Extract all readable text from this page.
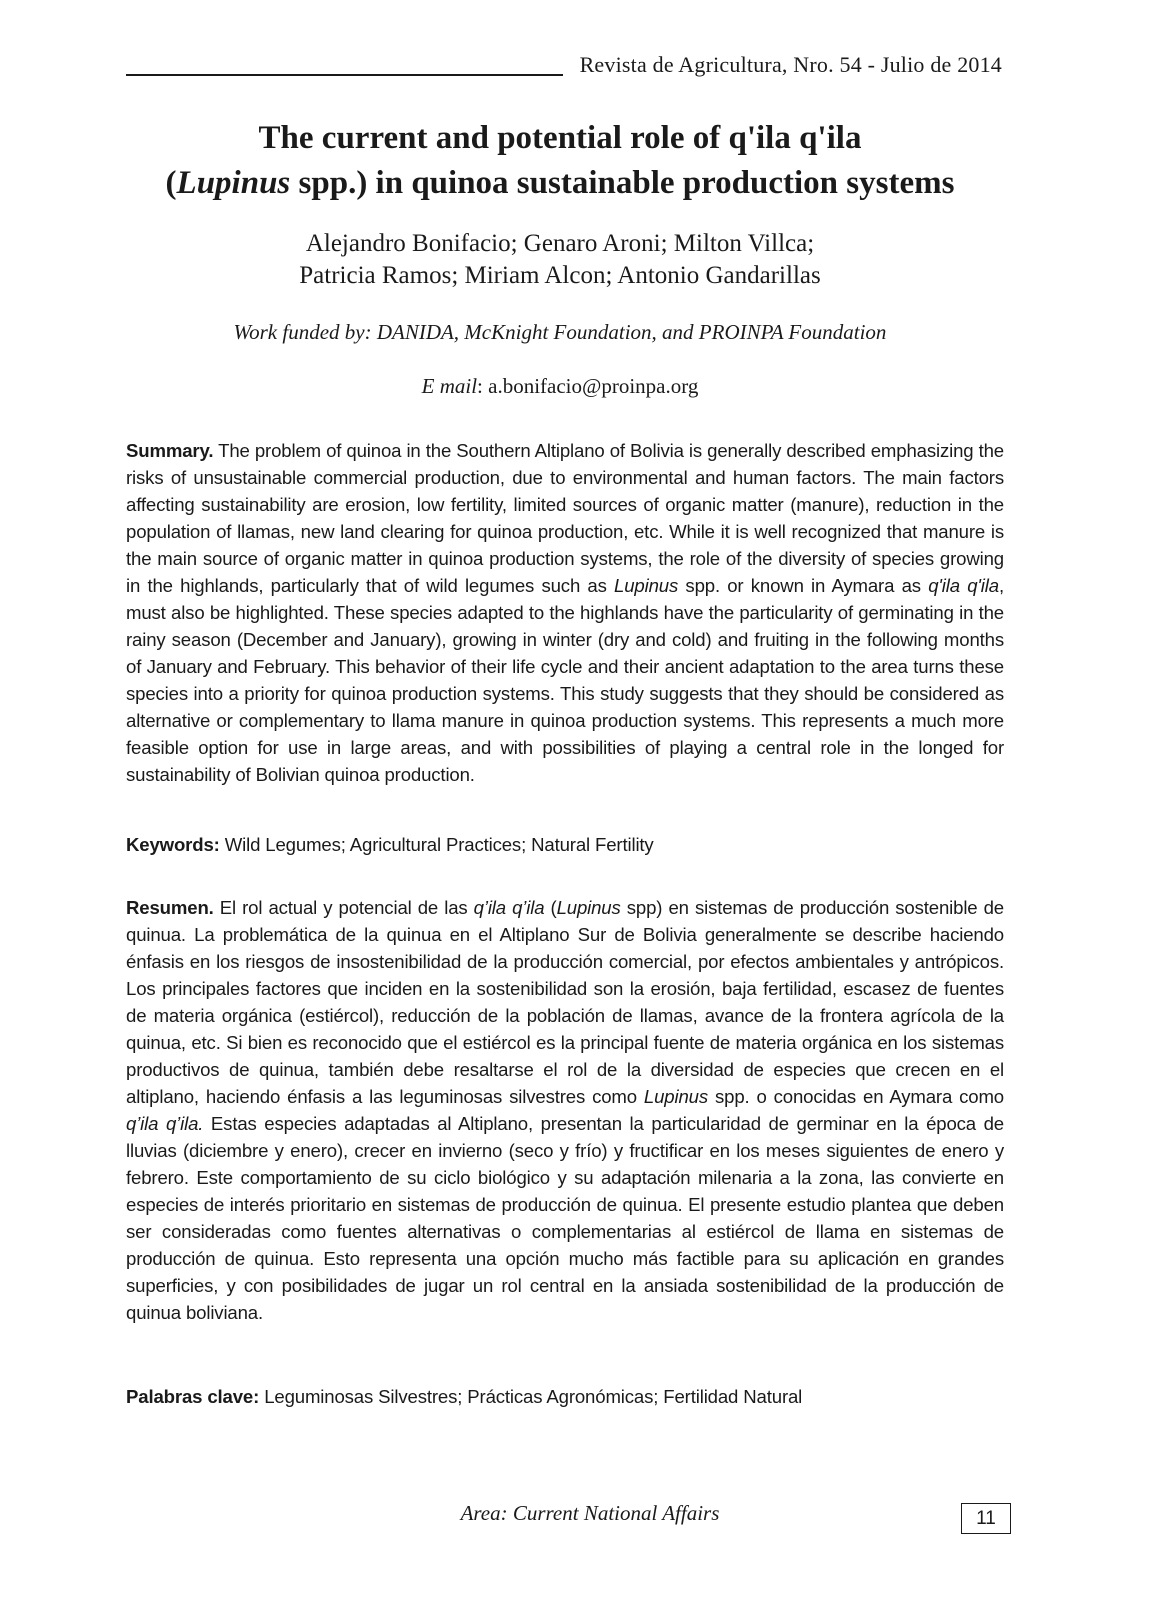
Revista de Agricultura, Nro. 54 - Julio de 2014
The current and potential role of q'ila q'ila
(Lupinus spp.) in quinoa sustainable production systems
Alejandro Bonifacio; Genaro Aroni; Milton Villca;
Patricia Ramos; Miriam Alcon; Antonio Gandarillas
Work funded by: DANIDA, McKnight Foundation, and PROINPA Foundation
E mail: a.bonifacio@proinpa.org
Summary. The problem of quinoa in the Southern Altiplano of Bolivia is generally described emphasizing the risks of unsustainable commercial production, due to environmental and human factors. The main factors affecting sustainability are erosion, low fertility, limited sources of organic matter (manure), reduction in the population of llamas, new land clearing for quinoa production, etc. While it is well recognized that manure is the main source of organic matter in quinoa production systems, the role of the diversity of species growing in the highlands, particularly that of wild legumes such as Lupinus spp. or known in Aymara as q'ila q'ila, must also be highlighted. These species adapted to the highlands have the particularity of germinating in the rainy season (December and January), growing in winter (dry and cold) and fruiting in the following months of January and February. This behavior of their life cycle and their ancient adaptation to the area turns these species into a priority for quinoa production systems. This study suggests that they should be considered as alternative or complementary to llama manure in quinoa production systems. This represents a much more feasible option for use in large areas, and with possibilities of playing a central role in the longed for sustainability of Bolivian quinoa production.
Keywords: Wild Legumes; Agricultural Practices; Natural Fertility
Resumen. El rol actual y potencial de las q’ila q’ila (Lupinus spp) en sistemas de producción sostenible de quinua. La problemática de la quinua en el Altiplano Sur de Bolivia generalmente se describe haciendo énfasis en los riesgos de insostenibilidad de la producción comercial, por efectos ambientales y antrópicos. Los principales factores que inciden en la sostenibilidad son la erosión, baja fertilidad, escasez de fuentes de materia orgánica (estiércol), reducción de la población de llamas, avance de la frontera agrícola de la quinua, etc. Si bien es reconocido que el estiércol es la principal fuente de materia orgánica en los sistemas productivos de quinua, también debe resaltarse el rol de la diversidad de especies que crecen en el altiplano, haciendo énfasis a las leguminosas silvestres como Lupinus spp. o conocidas en Aymara como q’ila q’ila. Estas especies adaptadas al Altiplano, presentan la particularidad de germinar en la época de lluvias (diciembre y enero), crecer en invierno (seco y frío) y fructificar en los meses siguientes de enero y febrero. Este comportamiento de su ciclo biológico y su adaptación milenaria a la zona, las convierte en especies de interés prioritario en sistemas de producción de quinua. El presente estudio plantea que deben ser consideradas como fuentes alternativas o complementarias al estiércol de llama en sistemas de producción de quinua. Esto representa una opción mucho más factible para su aplicación en grandes superficies, y con posibilidades de jugar un rol central en la ansiada sostenibilidad de la producción de quinua boliviana.
Palabras clave: Leguminosas Silvestres; Prácticas Agronómicas; Fertilidad Natural
Area: Current National Affairs	11
